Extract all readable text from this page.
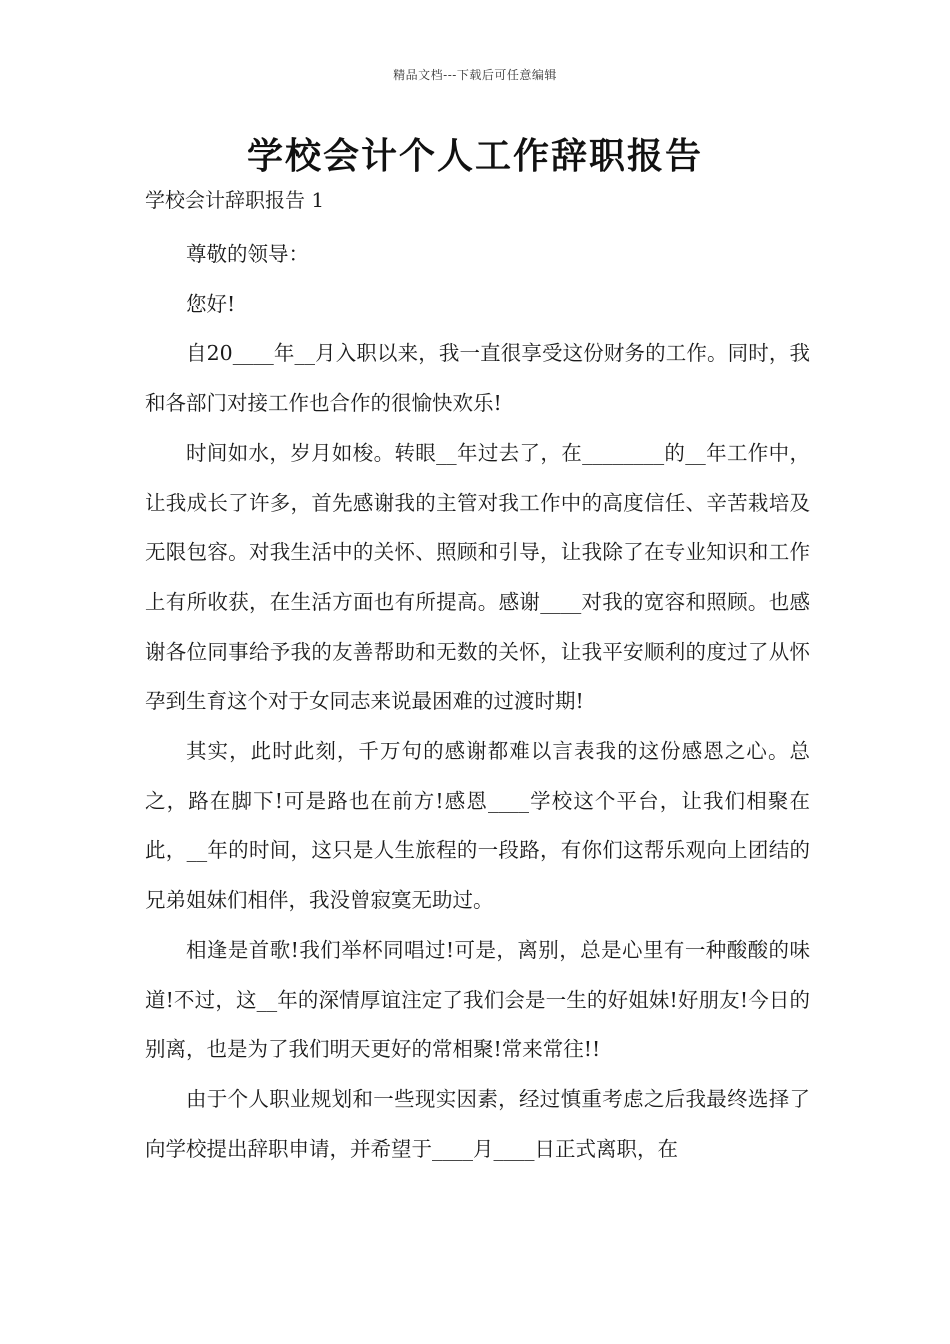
精品文档---下载后可任意编辑
学校会计个人工作辞职报告
学校会计辞职报告 1

尊敬的领导：

您好!

自20____年__月入职以来，我一直很享受这份财务的工作。同时，我和各部门对接工作也合作的很愉快欢乐!

时间如水，岁月如梭。转眼__年过去了，在________的__年工作中，让我成长了许多，首先感谢我的主管对我工作中的高度信任、辛苦栽培及无限包容。对我生活中的关怀、照顾和引导，让我除了在专业知识和工作上有所收获，在生活方面也有所提高。感谢____对我的宽容和照顾。也感谢各位同事给予我的友善帮助和无数的关怀，让我平安顺利的度过了从怀孕到生育这个对于女同志来说最困难的过渡时期!

其实，此时此刻，千万句的感谢都难以言表我的这份感恩之心。总之，路在脚下!可是路也在前方!感恩____学校这个平台，让我们相聚在此，__年的时间，这只是人生旅程的一段路，有你们这帮乐观向上团结的兄弟姐妹们相伴，我没曾寂寞无助过。

相逢是首歌!我们举杯同唱过!可是，离别，总是心里有一种酸酸的味道!不过，这__年的深情厚谊注定了我们会是一生的好姐妹!好朋友!今日的别离，也是为了我们明天更好的常相聚!常来常往!!

由于个人职业规划和一些现实因素，经过慎重考虑之后我最终选择了向学校提出辞职申请，并希望于____月____日正式离职，在
